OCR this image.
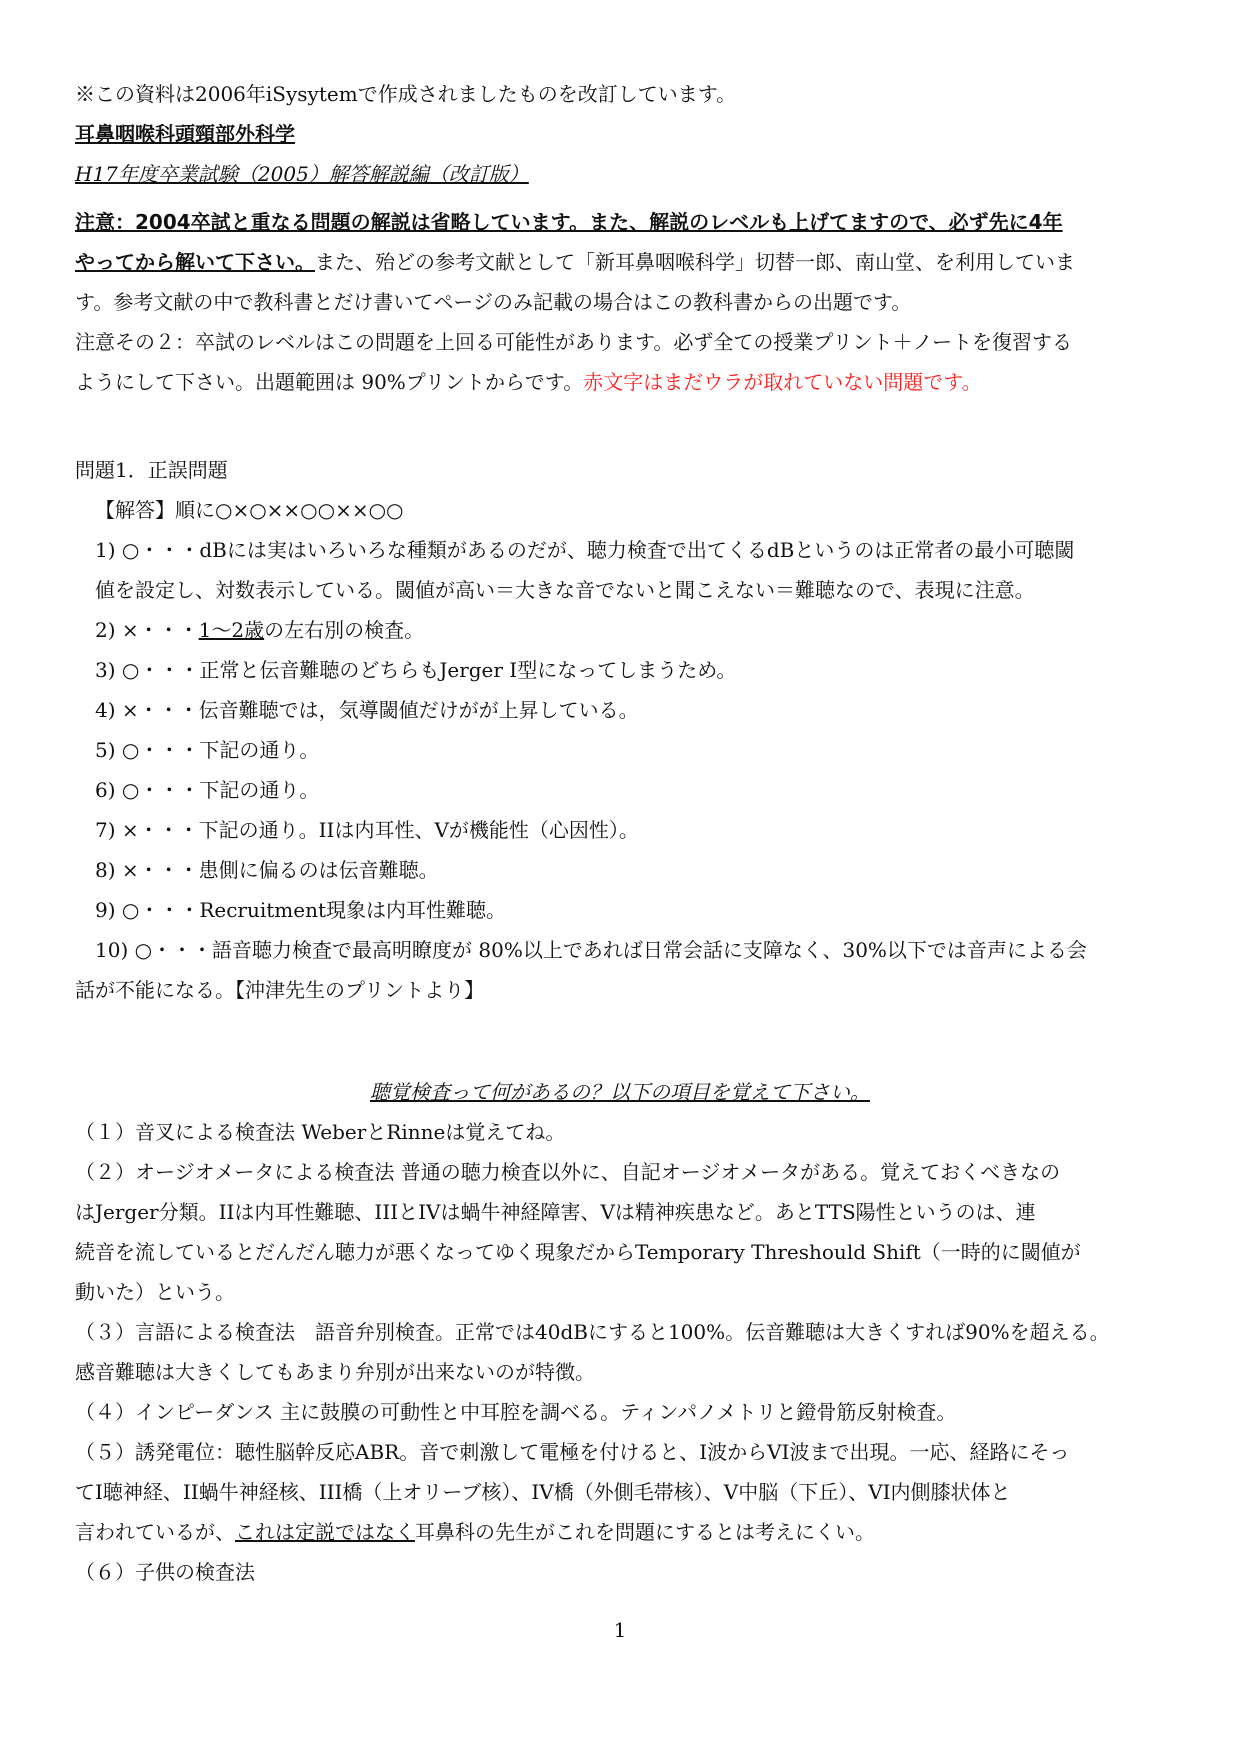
※この資料は2006年iSysytemで作成されましたものを改訂しています。
耳鼻咽喉科頭頸部外科学
H17年度卒業試験（2005）解答解説編（改訂版）
注意：2004卒試と重なる問題の解説は省略しています。また、解説のレベルも上げてますので、必ず先に4年
やってから解いて下さい。また、殆どの参考文献として「新耳鼻咽喉科学」切替一郎、南山堂、を利用していま
す。参考文献の中で教科書とだけ書いてページのみ記載の場合はこの教科書からの出題です。
注意その２：卒試のレベルはこの問題を上回る可能性があります。必ず全ての授業プリント＋ノートを復習する
ようにして下さい。出題範囲は 90%プリントからです。赤文字はまだウラが取れていない問題です。
問題1．正誤問題
【解答】順に○×○××○○××○○
1) ○・・・dBには実はいろいろな種類があるのだが、聴力検査で出てくるdBというのは正常者の最小可聴閾
値を設定し、対数表示している。閾値が高い＝大きな音でないと聞こえない＝難聴なので、表現に注意。
2) ×・・・1～2歳の左右別の検査。
3) ○・・・正常と伝音難聴のどちらもJerger I型になってしまうため。
4) ×・・・伝音難聴では，気導閾値だけがが上昇している。
5) ○・・・下記の通り。
6) ○・・・下記の通り。
7) ×・・・下記の通り。IIは内耳性、Vが機能性（心因性）。
8) ×・・・患側に偏るのは伝音難聴。
9) ○・・・Recruitment現象は内耳性難聴。
10) ○・・・語音聴力検査で最高明瞭度が 80%以上であれば日常会話に支障なく、30%以下では音声による会
話が不能になる。【沖津先生のプリントより】
聴覚検査って何があるの？以下の項目を覚えて下さい。
（１）音叉による検査法 WeberとRinneは覚えてね。
（２）オージオメータによる検査法 普通の聴力検査以外に、自記オージオメータがある。覚えておくべきなの
はJerger分類。IIは内耳性難聴、IIIとIVは蝸牛神経障害、Vは精神疾患など。あとTTS陽性というのは、連
続音を流しているとだんだん聴力が悪くなってゆく現象だからTemporary Threshould Shift（一時的に閾値が
動いた）という。
（３）言語による検査法　語音弁別検査。正常では40dBにすると100%。伝音難聴は大きくすれば90%を超える。
感音難聴は大きくしてもあまり弁別が出来ないのが特徴。
（４）インピーダンス 主に鼓膜の可動性と中耳腔を調べる。ティンパノメトリと鐙骨筋反射検査。
（５）誘発電位：聴性脳幹反応ABR。音で刺激して電極を付けると、I波からVI波まで出現。一応、経路にそっ
てI聴神経、II蝸牛神経核、III橋（上オリーブ核）、IV橋（外側毛帯核）、V中脳（下丘）、VI内側膝状体と
言われているが、これは定説ではなく耳鼻科の先生がこれを問題にするとは考えにくい。
（６）子供の検査法
1
